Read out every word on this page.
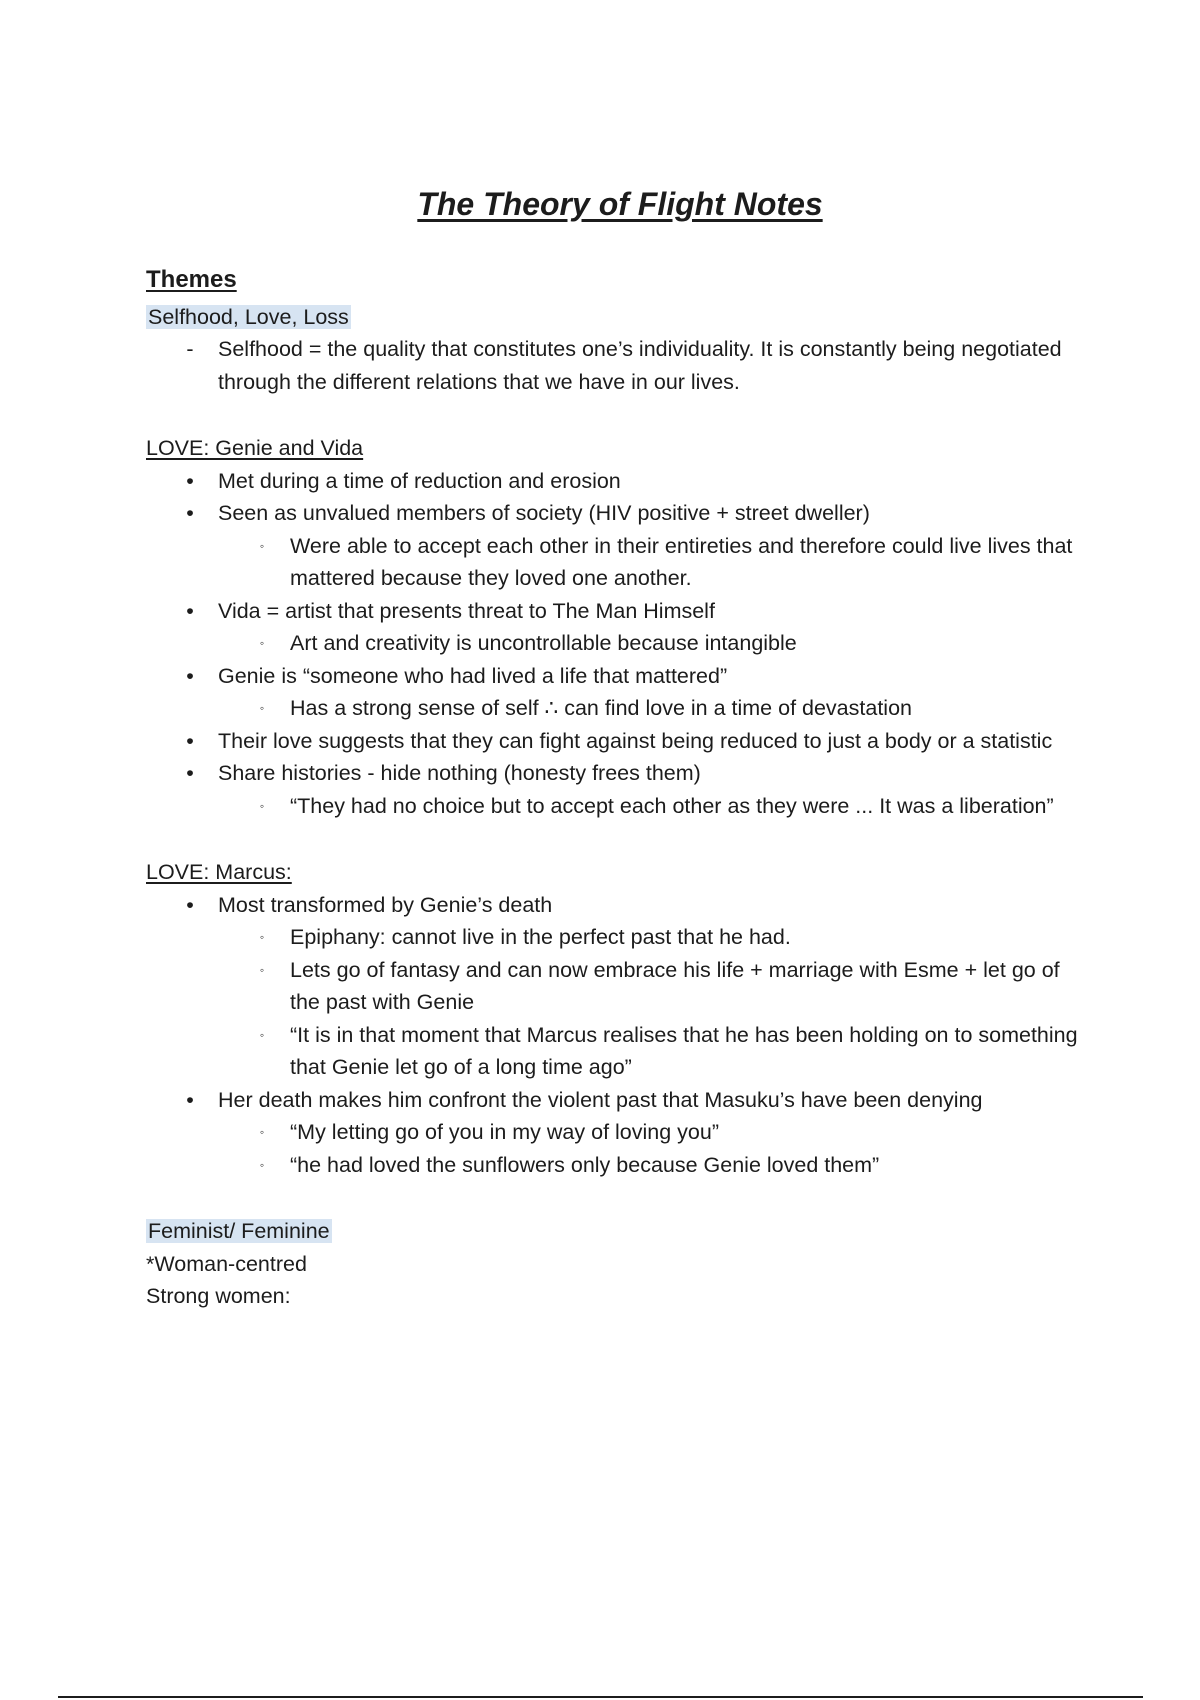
The Theory of Flight Notes
Themes
Selfhood, Love, Loss
- Selfhood = the quality that constitutes one’s individuality. It is constantly being negotiated through the different relations that we have in our lives.
LOVE: Genie and Vida
• Met during a time of reduction and erosion
• Seen as unvalued members of society (HIV positive + street dweller)
◦	Were able to accept each other in their entireties and therefore could live lives that mattered because they loved one another.
• Vida = artist that presents threat to The Man Himself
◦	Art and creativity is uncontrollable because intangible
• Genie is “someone who had lived a life that mattered”
◦	Has a strong sense of self ∴ can find love in a time of devastation
• Their love suggests that they can fight against being reduced to just a body or a statistic
• Share histories - hide nothing (honesty frees them)
◦	“They had no choice but to accept each other as they were ... It was a liberation”
LOVE: Marcus:
• Most transformed by Genie’s death
◦	Epiphany: cannot live in the perfect past that he had.
◦	Lets go of fantasy and can now embrace his life + marriage with Esme + let go of the past with Genie
◦	“It is in that moment that Marcus realises that he has been holding on to something that Genie let go of a long time ago”
• Her death makes him confront the violent past that Masuku’s have been denying
◦	“My letting go of you in my way of loving you”
◦	“he had loved the sunflowers only because Genie loved them”
Feminist/ Feminine
*Woman-centred
Strong women:
